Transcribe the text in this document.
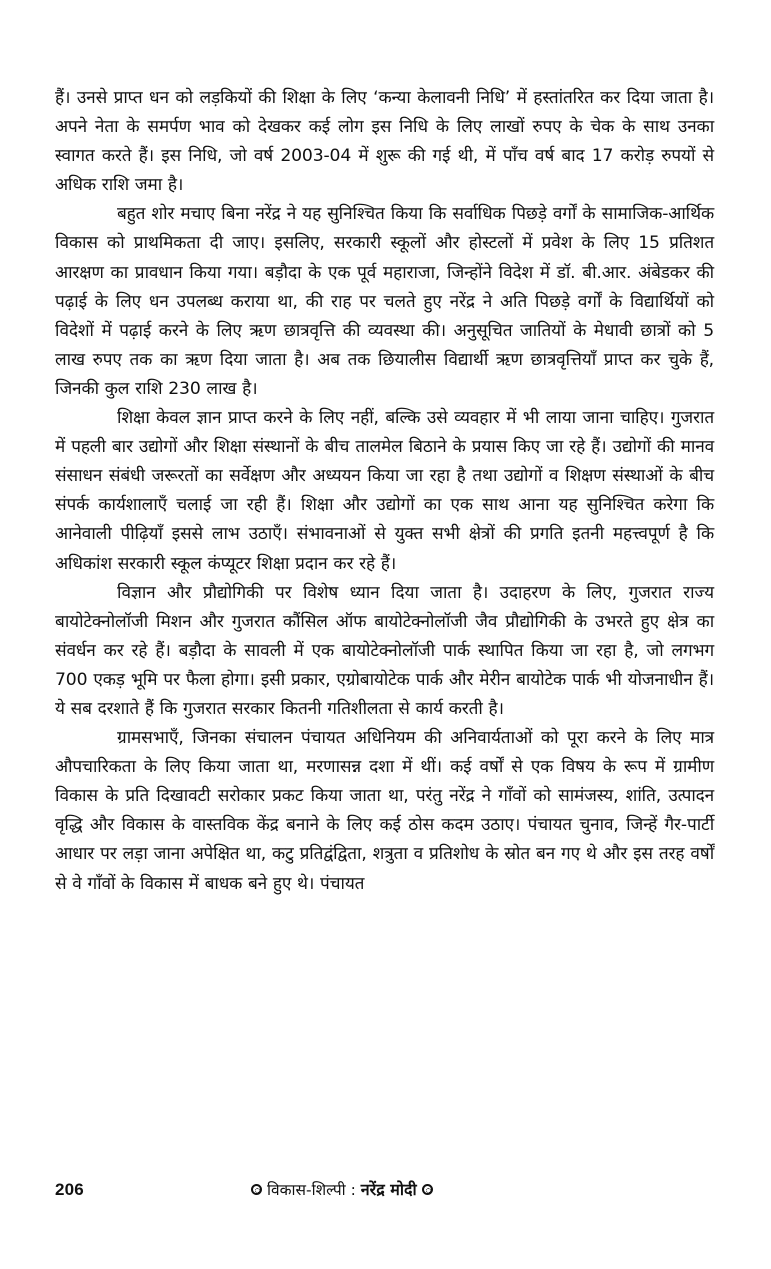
हैं। उनसे प्राप्त धन को लड़कियों की शिक्षा के लिए ‘कन्या केलावनी निधि’ में हस्तांतरित कर दिया जाता है। अपने नेता के समर्पण भाव को देखकर कई लोग इस निधि के लिए लाखों रुपए के चेक के साथ उनका स्वागत करते हैं। इस निधि, जो वर्ष 2003-04 में शुरू की गई थी, में पाँच वर्ष बाद 17 करोड़ रुपयों से अधिक राशि जमा है।

बहुत शोर मचाए बिना नरेंद्र ने यह सुनिश्चित किया कि सर्वाधिक पिछड़े वर्गों के सामाजिक-आर्थिक विकास को प्राथमिकता दी जाए। इसलिए, सरकारी स्कूलों और होस्टलों में प्रवेश के लिए 15 प्रतिशत आरक्षण का प्रावधान किया गया। बड़ौदा के एक पूर्व महाराजा, जिन्होंने विदेश में डॉ. बी.आर. अंबेडकर की पढ़ाई के लिए धन उपलब्ध कराया था, की राह पर चलते हुए नरेंद्र ने अति पिछड़े वर्गों के विद्यार्थियों को विदेशों में पढ़ाई करने के लिए ऋण छात्रवृत्ति की व्यवस्था की। अनुसूचित जातियों के मेधावी छात्रों को 5 लाख रुपए तक का ऋण दिया जाता है। अब तक छियालीस विद्यार्थी ऋण छात्रवृत्तियाँ प्राप्त कर चुके हैं, जिनकी कुल राशि 230 लाख है।

शिक्षा केवल ज्ञान प्राप्त करने के लिए नहीं, बल्कि उसे व्यवहार में भी लाया जाना चाहिए। गुजरात में पहली बार उद्योगों और शिक्षा संस्थानों के बीच तालमेल बिठाने के प्रयास किए जा रहे हैं। उद्योगों की मानव संसाधन संबंधी जरूरतों का सर्वेक्षण और अध्ययन किया जा रहा है तथा उद्योगों व शिक्षण संस्थाओं के बीच संपर्क कार्यशालाएँ चलाई जा रही हैं। शिक्षा और उद्योगों का एक साथ आना यह सुनिश्चित करेगा कि आनेवाली पीढ़ियाँ इससे लाभ उठाएँ। संभावनाओं से युक्त सभी क्षेत्रों की प्रगति इतनी महत्त्वपूर्ण है कि अधिकांश सरकारी स्कूल कंप्यूटर शिक्षा प्रदान कर रहे हैं।

विज्ञान और प्रौद्योगिकी पर विशेष ध्यान दिया जाता है। उदाहरण के लिए, गुजरात राज्य बायोटेक्नोलॉजी मिशन और गुजरात कौंसिल ऑफ बायोटेक्नोलॉजी जैव प्रौद्योगिकी के उभरते हुए क्षेत्र का संवर्धन कर रहे हैं। बड़ौदा के सावली में एक बायोटेक्नोलॉजी पार्क स्थापित किया जा रहा है, जो लगभग 700 एकड़ भूमि पर फैला होगा। इसी प्रकार, एग्रोबायोटेक पार्क और मेरीन बायोटेक पार्क भी योजनाधीन हैं। ये सब दरशाते हैं कि गुजरात सरकार कितनी गतिशीलता से कार्य करती है।

ग्रामसभाएँ, जिनका संचालन पंचायत अधिनियम की अनिवार्यताओं को पूरा करने के लिए मात्र औपचारिकता के लिए किया जाता था, मरणासन्न दशा में थीं। कई वर्षों से एक विषय के रूप में ग्रामीण विकास के प्रति दिखावटी सरोकार प्रकट किया जाता था, परंतु नरेंद्र ने गाँवों को सामंजस्य, शांति, उत्पादन वृद्धि और विकास के वास्तविक केंद्र बनाने के लिए कई ठोस कदम उठाए। पंचायत चुनाव, जिन्हें गैर-पार्टी आधार पर लड़ा जाना अपेक्षित था, कटु प्रतिद्वंद्विता, शत्रुता व प्रतिशोध के स्रोत बन गए थे और इस तरह वर्षों से वे गाँवों के विकास में बाधक बने हुए थे। पंचायत

206	विकास-शिल्पी : नरेंद्र मोदी
